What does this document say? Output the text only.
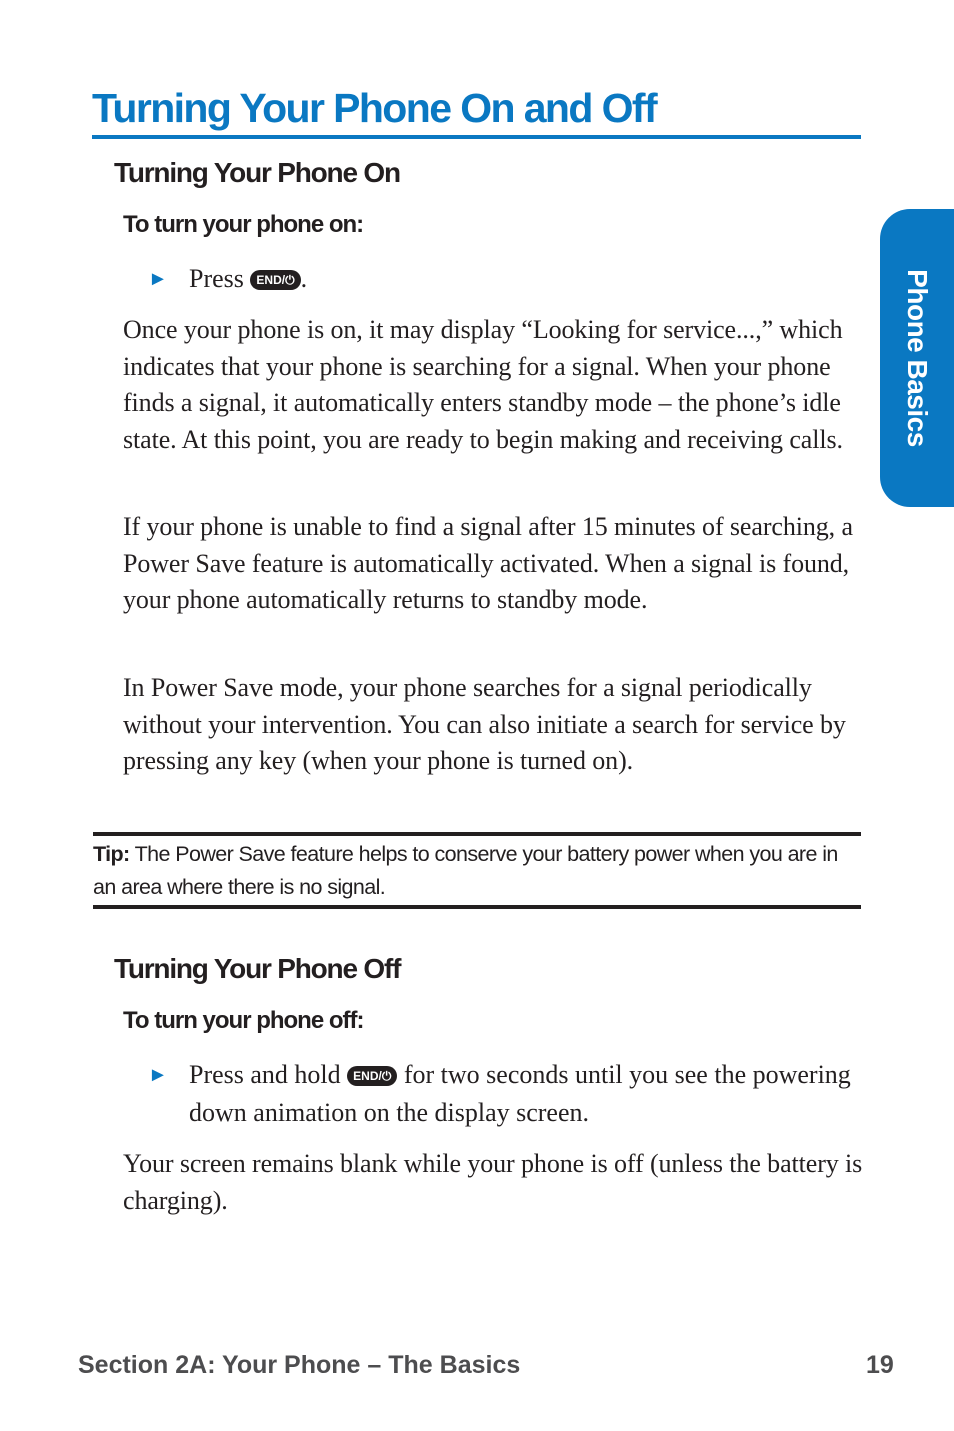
Turning Your Phone On and Off
Phone Basics
Turning Your Phone On
To turn your phone on:
► Press END/⏻ .

Once your phone is on, it may display “Looking for service...,” which indicates that your phone is searching for a signal. When your phone finds a signal, it automatically enters standby mode – the phone’s idle state. At this point, you are ready to begin making and receiving calls.

If your phone is unable to find a signal after 15 minutes of searching, a Power Save feature is automatically activated. When a signal is found, your phone automatically returns to standby mode.

In Power Save mode, your phone searches for a signal periodically without your intervention. You can also initiate a search for service by pressing any key (when your phone is turned on).

Tip: The Power Save feature helps to conserve your battery power when you are in an area where there is no signal.

Turning Your Phone Off
To turn your phone off:
► Press and hold END/⏻ for two seconds until you see the powering down animation on the display screen.

Your screen remains blank while your phone is off (unless the battery is charging).

Section 2A: Your Phone – The Basics	19
